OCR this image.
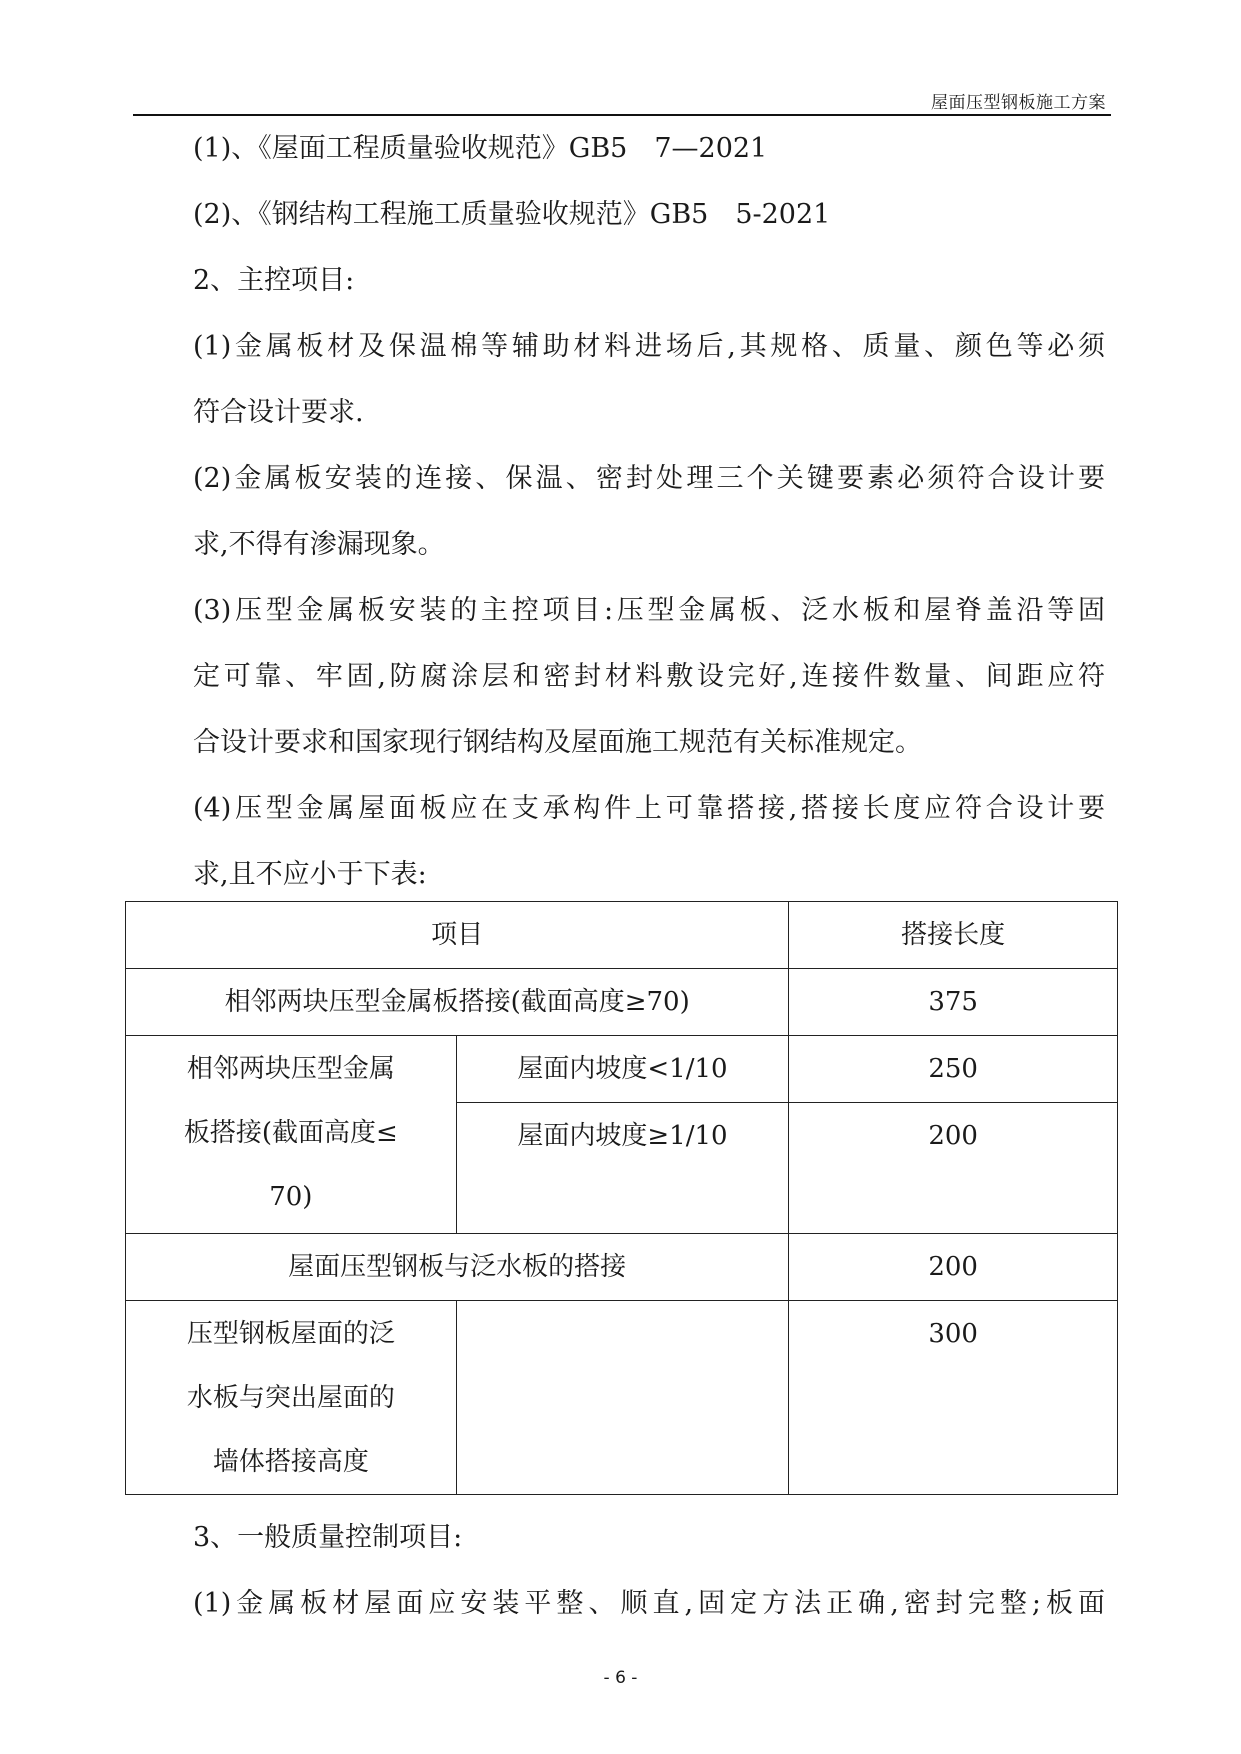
屋面压型钢板施工方案
(1)、《屋面工程质量验收规范》GB5　7—2021
(2)、《钢结构工程施工质量验收规范》GB5　5-2021
2、主控项目:
(1)金属板材及保温棉等辅助材料进场后,其规格、质量、颜色等必须
符合设计要求.
(2)金属板安装的连接、保温、密封处理三个关键要素必须符合设计要
求,不得有渗漏现象。
(3)压型金属板安装的主控项目:压型金属板、泛水板和屋脊盖沿等固
定可靠、牢固,防腐涂层和密封材料敷设完好,连接件数量、间距应符
合设计要求和国家现行钢结构及屋面施工规范有关标准规定。
(4)压型金属屋面板应在支承构件上可靠搭接,搭接长度应符合设计要
求,且不应小于下表:
项目		搭接长度
相邻两块压型金属板搭接(截面高度≥70)		375

相邻两块压型金属
板搭接(截面高度≤
70)	屋面内坡度<1/10	250
	屋面内坡度≥1/10	200
屋面压型钢板与泛水板的搭接		200

压型钢板屋面的泛
水板与突出屋面的
墙体搭接高度		300
3、一般质量控制项目:
(1)金属板材屋面应安装平整、顺直,固定方法正确,密封完整;板面
- 6 -
